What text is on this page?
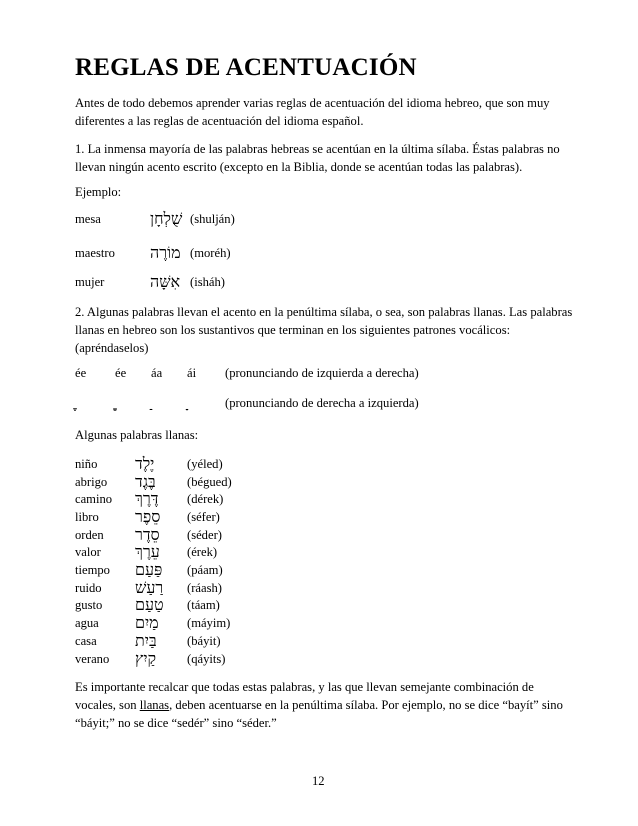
REGLAS DE ACENTUACIÓN
Antes de todo debemos aprender varias reglas de acentuación del idioma hebreo, que son muy diferentes a las reglas de acentuación del idioma español.
1. La inmensa mayoría de las palabras hebreas se acentúan en la última sílaba. Éstas palabras no llevan ningún acento escrito (excepto en la Biblia, donde se acentúan todas las palabras).
Ejemplo:
mesa	שֻׁלְחָן (shulján)
maestro מוֹרֶה (moréh)
mujer	אִשָּׁה (isháh)
2. Algunas palabras llevan el acento en la penúltima sílaba, o sea, son palabras llanas. Las palabras llanas en hebreo son los sustantivos que terminan en los siguientes patrones vocálicos: (apréndaselos)
ée ée áa ái (pronunciando de izquierda a derecha)
ֶ ֶ ֶ ֵ ַ ַ ִ ַ	(pronunciando de derecha a izquierda)
Algunas palabras llanas:
niño יֶלֶד	(yéled)
abrigo בֶּגֶד (bégued)
camino דֶּרֶךְ (dérek)
libro סֵפֶר (séfer)
orden סֵדֶר (séder)
valor עֵרֶךְ (érek)
tiempo פַּעַם (páam)
ruido רַעַשׁ (ráash)
gusto טַעַם (táam)
agua מַיִם (máyim)
casa בַּיִת (báyit)
verano קַיִץ (qáyits)
Es importante recalcar que todas estas palabras, y las que llevan semejante combinación de vocales, son llanas, deben acentuarse en la penúltima sílaba. Por ejemplo, no se dice “bayít” sino “báyit;” no se dice “sedér” sino “séder.”
12
